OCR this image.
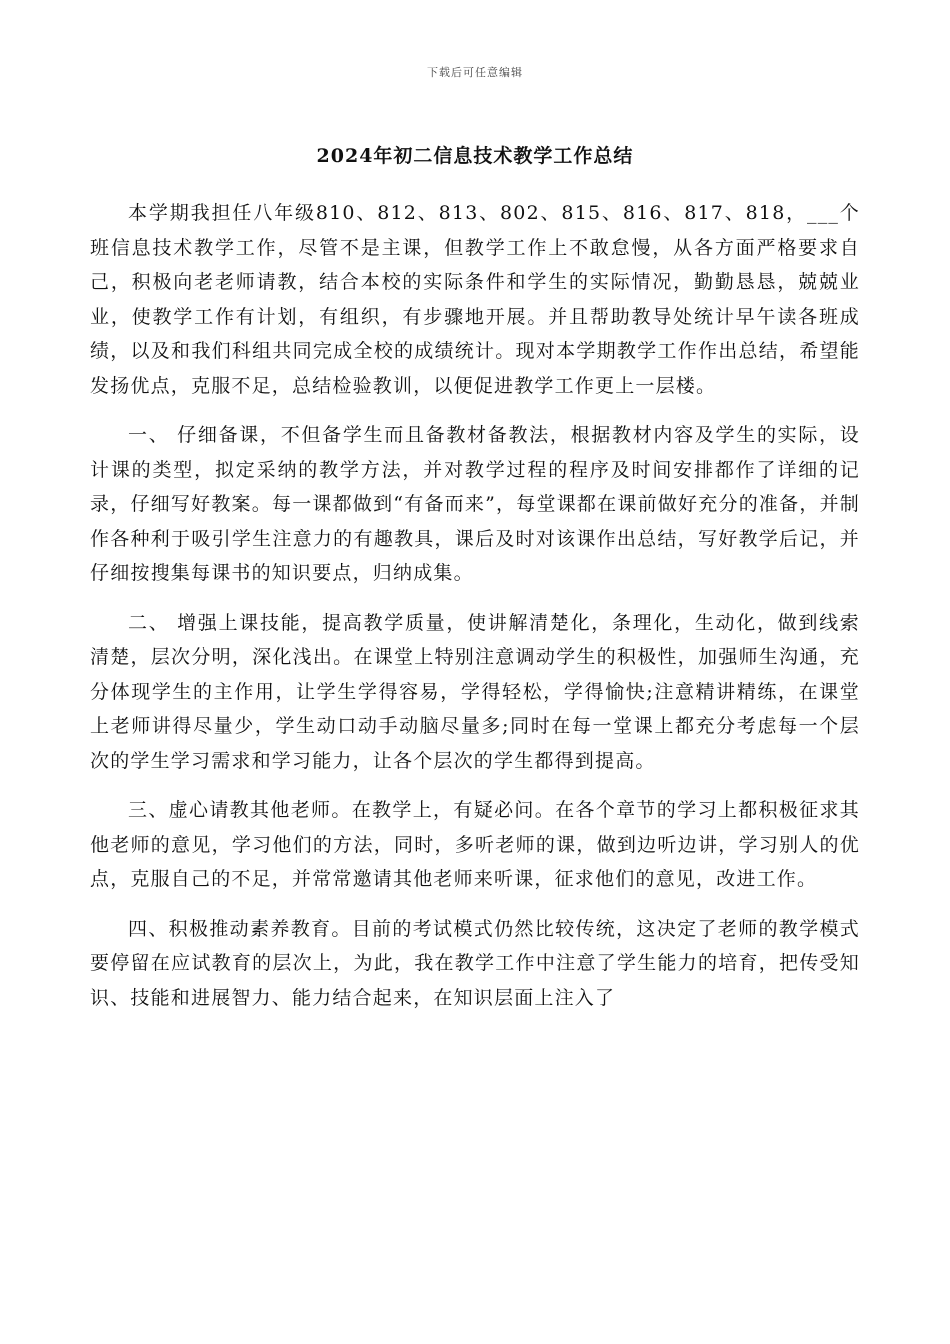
下载后可任意编辑
2024年初二信息技术教学工作总结

本学期我担任八年级810、812、813、802、815、816、817、818，___个班信息技术教学工作，尽管不是主课，但教学工作上不敢怠慢，从各方面严格要求自己，积极向老老师请教，结合本校的实际条件和学生的实际情况，勤勤恳恳，兢兢业业，使教学工作有计划，有组织，有步骤地开展。并且帮助教导处统计早午读各班成绩，以及和我们科组共同完成全校的成绩统计。现对本学期教学工作作出总结，希望能发扬优点，克服不足，总结检验教训，以便促进教学工作更上一层楼。

一、 仔细备课，不但备学生而且备教材备教法，根据教材内容及学生的实际，设计课的类型，拟定采纳的教学方法，并对教学过程的程序及时间安排都作了详细的记录，仔细写好教案。每一课都做到“有备而来”，每堂课都在课前做好充分的准备，并制作各种利于吸引学生注意力的有趣教具，课后及时对该课作出总结，写好教学后记，并仔细按搜集每课书的知识要点，归纳成集。

二、 增强上课技能，提高教学质量，使讲解清楚化，条理化，生动化，做到线索清楚，层次分明，深化浅出。在课堂上特别注意调动学生的积极性，加强师生沟通，充分体现学生的主作用，让学生学得容易，学得轻松，学得愉快;注意精讲精练，在课堂上老师讲得尽量少，学生动口动手动脑尽量多;同时在每一堂课上都充分考虑每一个层次的学生学习需求和学习能力，让各个层次的学生都得到提高。

三、虚心请教其他老师。在教学上，有疑必问。在各个章节的学习上都积极征求其他老师的意见，学习他们的方法，同时，多听老师的课，做到边听边讲，学习别人的优点，克服自己的不足，并常常邀请其他老师来听课，征求他们的意见，改进工作。

四、积极推动素养教育。目前的考试模式仍然比较传统，这决定了老师的教学模式要停留在应试教育的层次上，为此，我在教学工作中注意了学生能力的培育，把传受知识、技能和进展智力、能力结合起来，在知识层面上注入了
